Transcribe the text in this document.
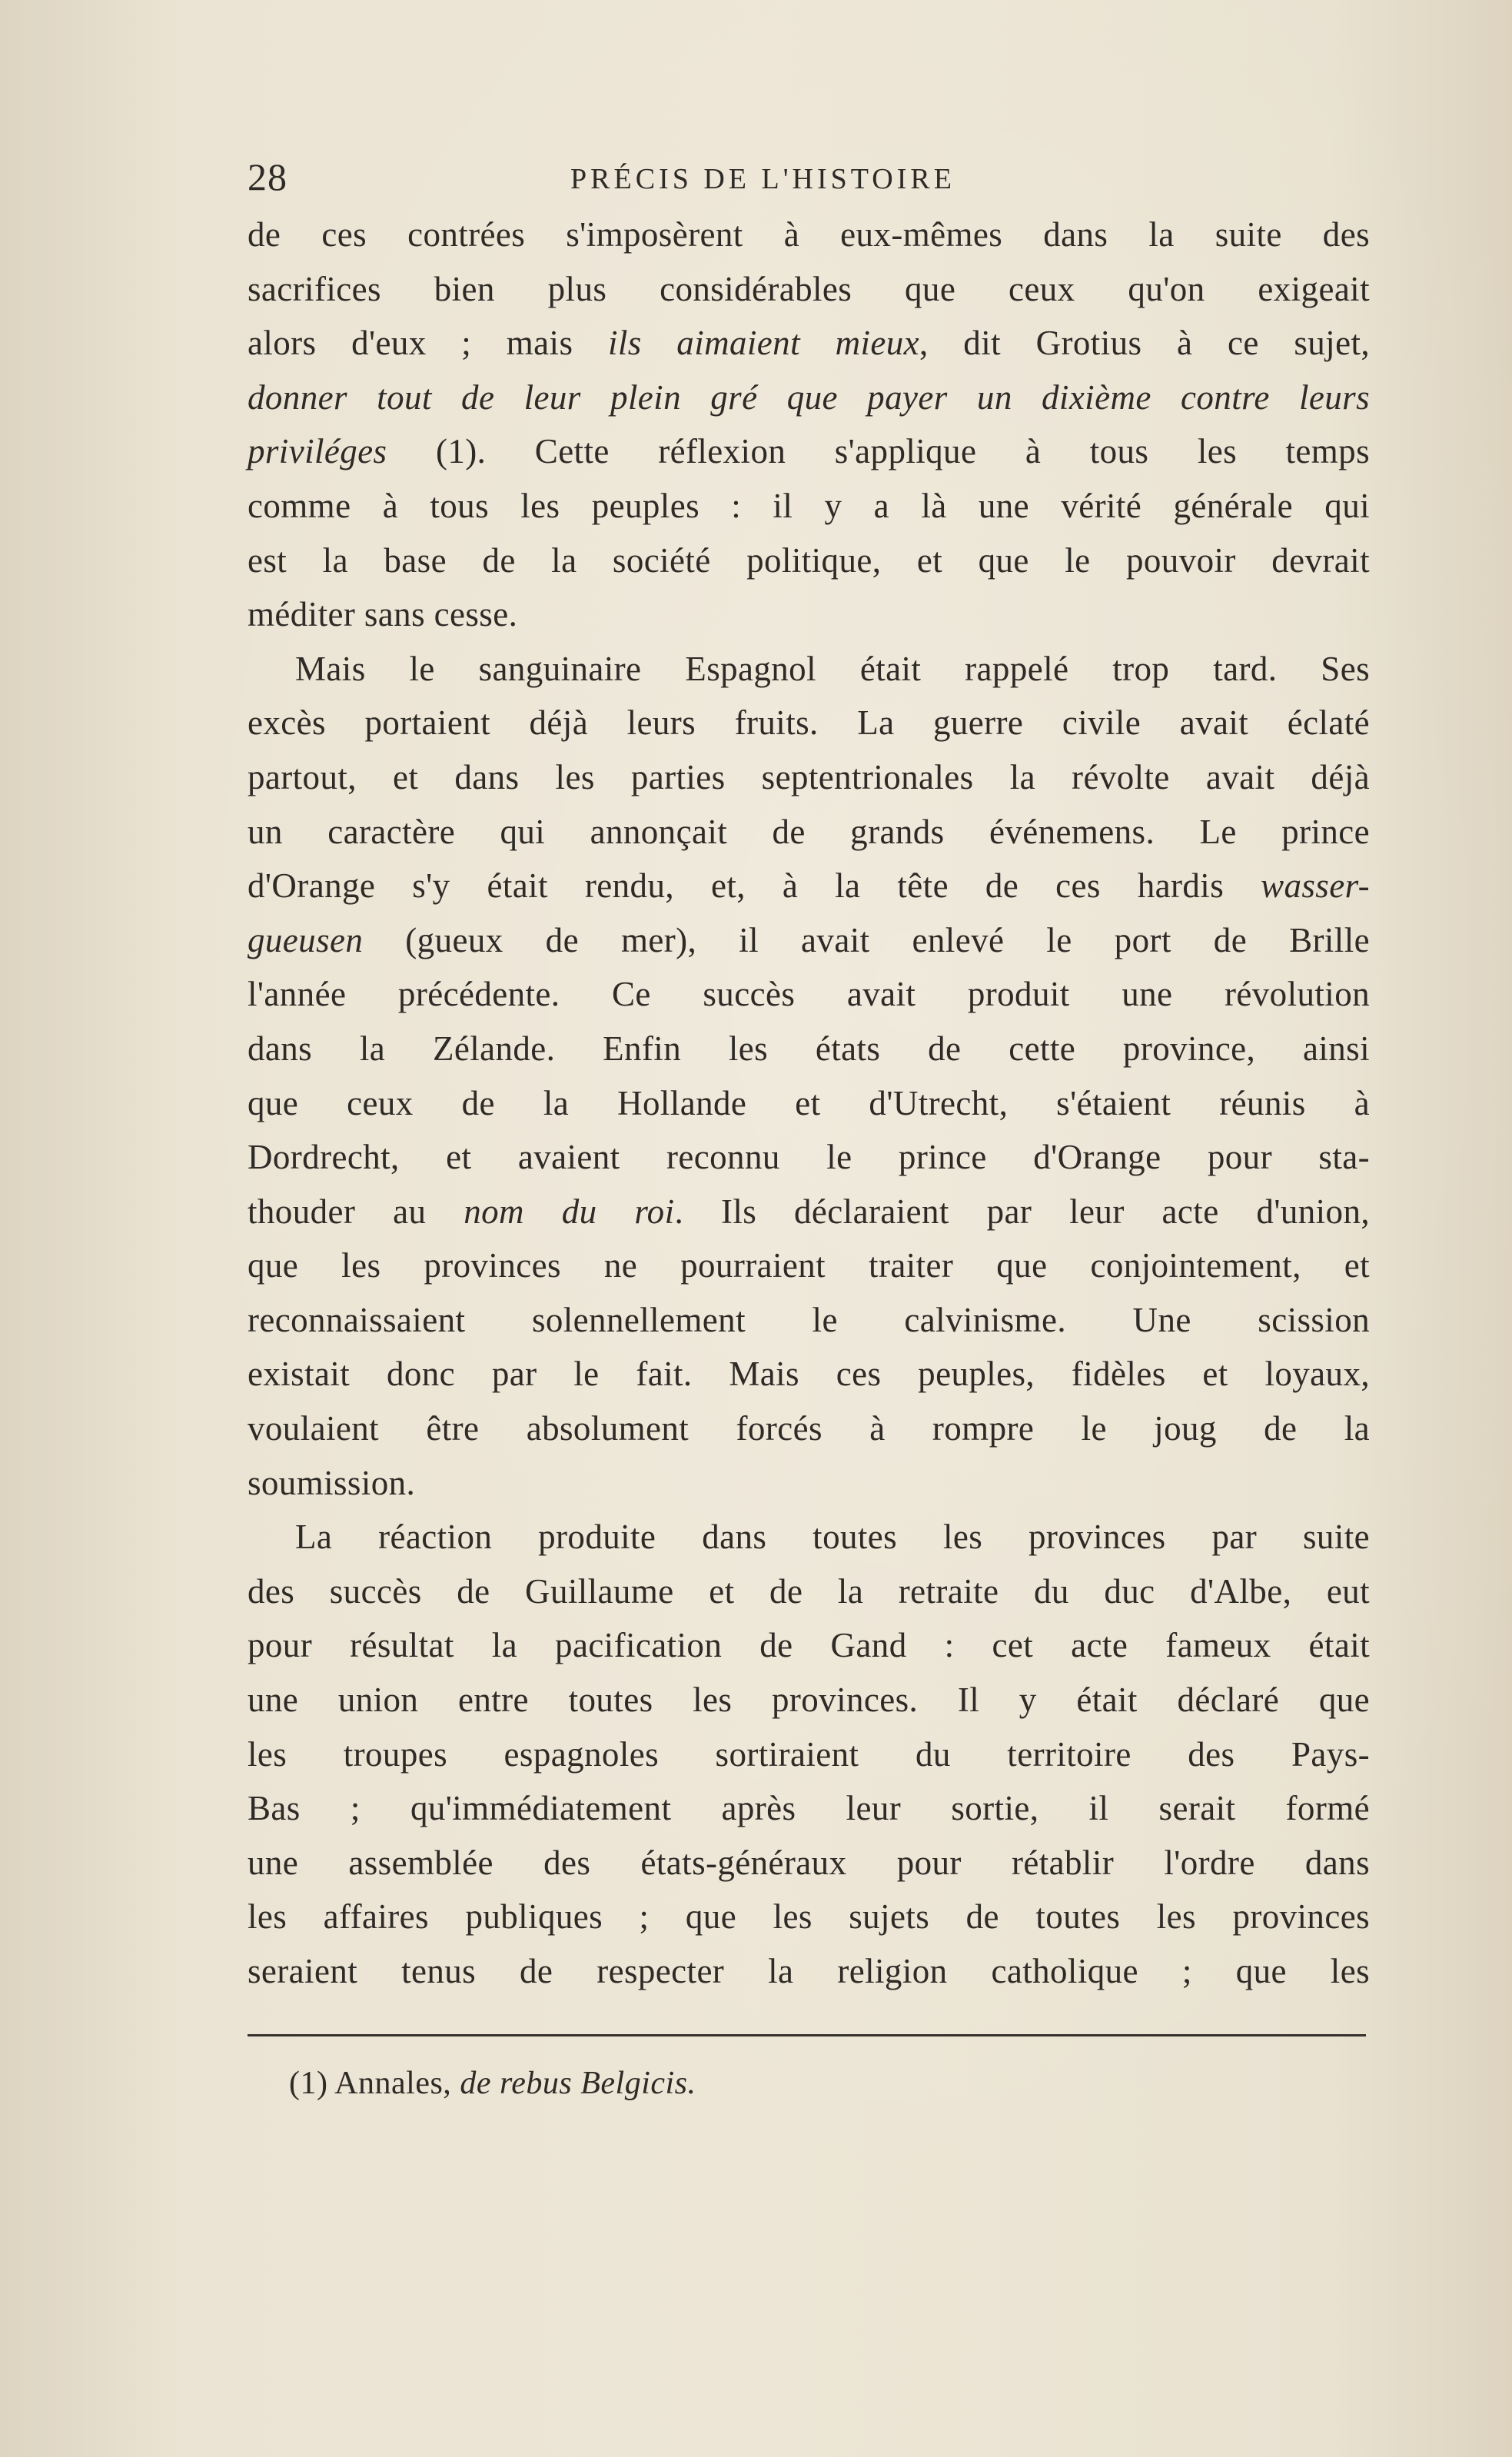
28	PRÉCIS DE L'HISTOIRE
de ces contrées s'imposèrent à eux-mêmes dans la suite des
sacrifices bien plus considérables que ceux qu'on exigeait
alors d'eux ; mais ils aimaient mieux, dit Grotius à ce sujet,
donner tout de leur plein gré que payer un dixième contre leurs
priviléges (1). Cette réflexion s'applique à tous les temps
comme à tous les peuples : il y a là une vérité générale qui
est la base de la société politique, et que le pouvoir devrait
méditer sans cesse.
Mais le sanguinaire Espagnol était rappelé trop tard. Ses
excès portaient déjà leurs fruits. La guerre civile avait éclaté
partout, et dans les parties septentrionales la révolte avait déjà
un caractère qui annonçait de grands événemens. Le prince
d'Orange s'y était rendu, et, à la tête de ces hardis wasser-
gueusen (gueux de mer), il avait enlevé le port de Brille
l'année précédente. Ce succès avait produit une révolution
dans la Zélande. Enfin les états de cette province, ainsi
que ceux de la Hollande et d'Utrecht, s'étaient réunis à
Dordrecht, et avaient reconnu le prince d'Orange pour sta-
thouder au nom du roi. Ils déclaraient par leur acte d'union,
que les provinces ne pourraient traiter que conjointement, et
reconnaissaient solennellement le calvinisme. Une scission
existait donc par le fait. Mais ces peuples, fidèles et loyaux,
voulaient être absolument forcés à rompre le joug de la
soumission.
La réaction produite dans toutes les provinces par suite
des succès de Guillaume et de la retraite du duc d'Albe, eut
pour résultat la pacification de Gand : cet acte fameux était
une union entre toutes les provinces. Il y était déclaré que
les troupes espagnoles sortiraient du territoire des Pays-
Bas ; qu'immédiatement après leur sortie, il serait formé
une assemblée des états-généraux pour rétablir l'ordre dans
les affaires publiques ; que les sujets de toutes les provinces
seraient tenus de respecter la religion catholique ; que les
(1) Annales, de rebus Belgicis.
